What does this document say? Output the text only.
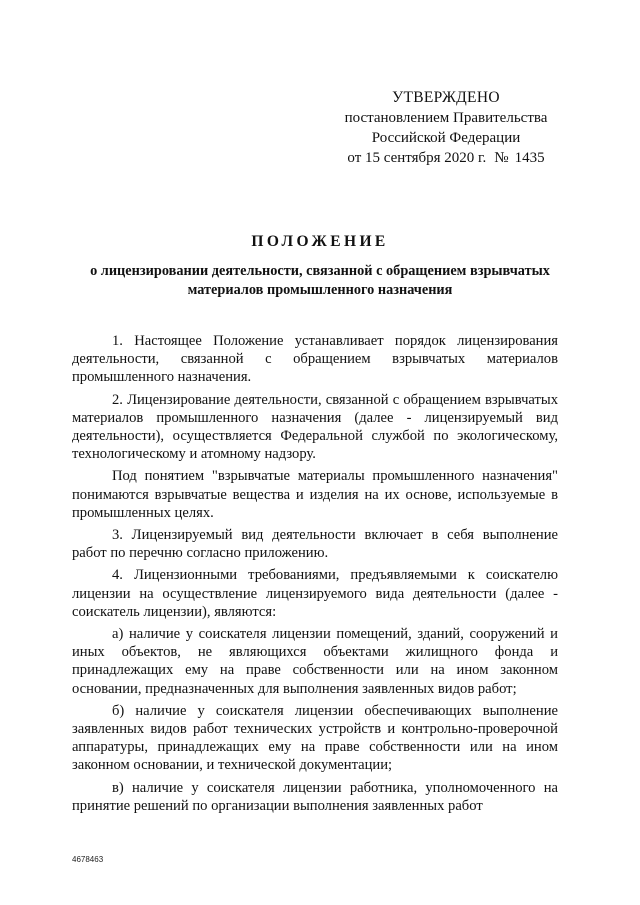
УТВЕРЖДЕНО
постановлением Правительства
Российской Федерации
от 15 сентября 2020 г. № 1435
ПОЛОЖЕНИЕ
о лицензировании деятельности, связанной с обращением взрывчатых материалов промышленного назначения

1. Настоящее Положение устанавливает порядок лицензирования деятельности, связанной с обращением взрывчатых материалов промышленного назначения.

2. Лицензирование деятельности, связанной с обращением взрывчатых материалов промышленного назначения (далее - лицензируемый вид деятельности), осуществляется Федеральной службой по экологическому, технологическому и атомному надзору.

Под понятием "взрывчатые материалы промышленного назначения" понимаются взрывчатые вещества и изделия на их основе, используемые в промышленных целях.

3. Лицензируемый вид деятельности включает в себя выполнение работ по перечню согласно приложению.

4. Лицензионными требованиями, предъявляемыми к соискателю лицензии на осуществление лицензируемого вида деятельности (далее - соискатель лицензии), являются:

а) наличие у соискателя лицензии помещений, зданий, сооружений и иных объектов, не являющихся объектами жилищного фонда и принадлежащих ему на праве собственности или на ином законном основании, предназначенных для выполнения заявленных видов работ;

б) наличие у соискателя лицензии обеспечивающих выполнение заявленных видов работ технических устройств и контрольно-проверочной аппаратуры, принадлежащих ему на праве собственности или на ином законном основании, и технической документации;

в) наличие у соискателя лицензии работника, уполномоченного на принятие решений по организации выполнения заявленных работ

4678463
